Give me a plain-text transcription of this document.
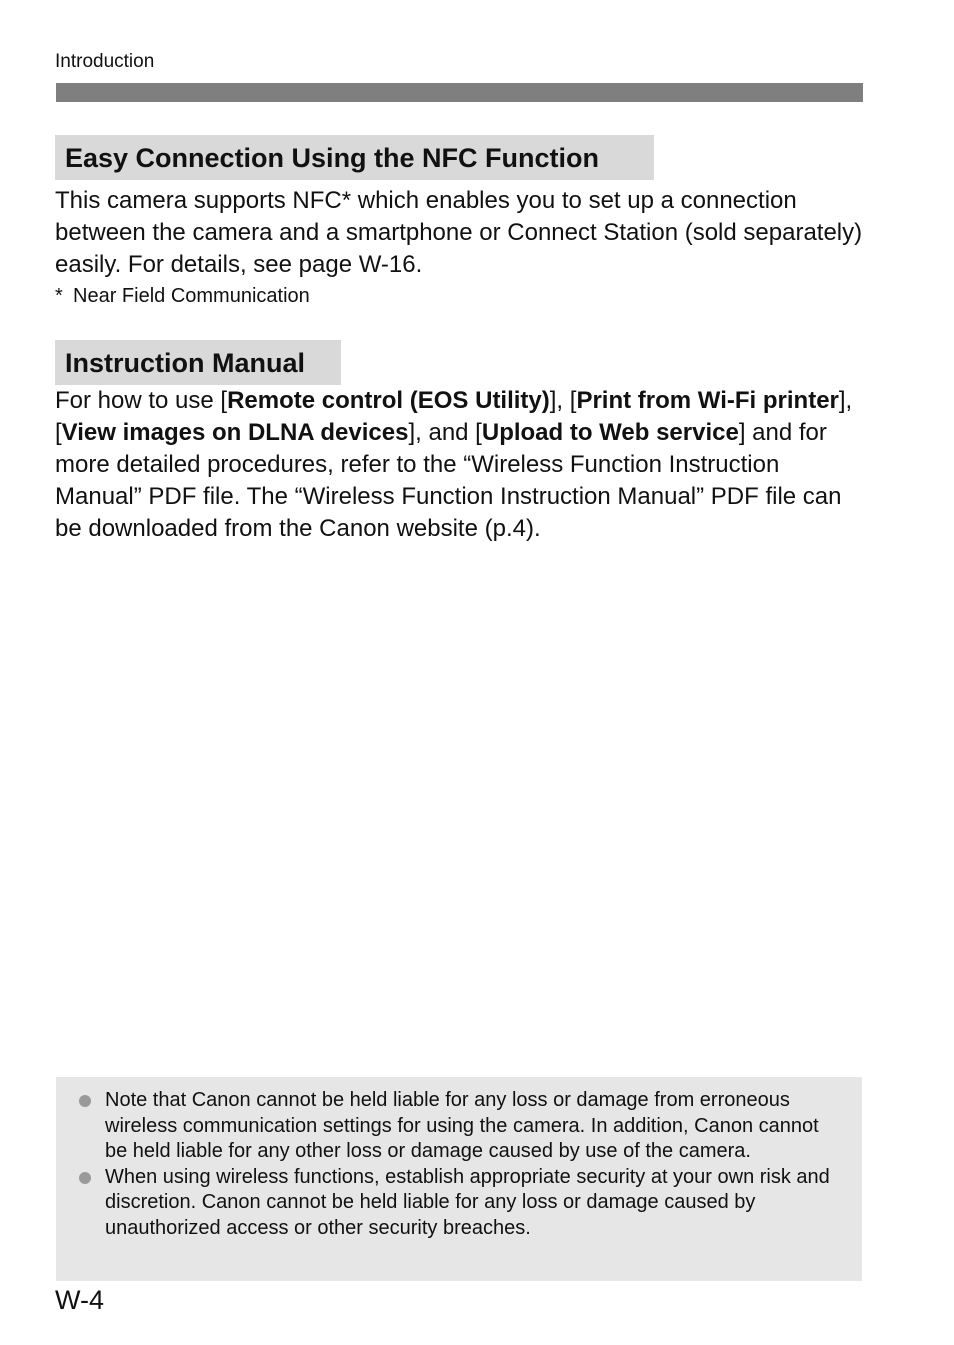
Introduction
Easy Connection Using the NFC Function

This camera supports NFC* which enables you to set up a connection between the camera and a smartphone or Connect Station (sold separately) easily. For details, see page W-16.

* Near Field Communication
Instruction Manual

For how to use [Remote control (EOS Utility)], [Print from Wi-Fi printer], [View images on DLNA devices], and [Upload to Web service] and for more detailed procedures, refer to the “Wireless Function Instruction Manual” PDF file. The “Wireless Function Instruction Manual” PDF file can be downloaded from the Canon website (p.4).

Note that Canon cannot be held liable for any loss or damage from erroneous wireless communication settings for using the camera. In addition, Canon cannot be held liable for any other loss or damage caused by use of the camera.
When using wireless functions, establish appropriate security at your own risk and discretion. Canon cannot be held liable for any loss or damage caused by unauthorized access or other security breaches.
W-4
